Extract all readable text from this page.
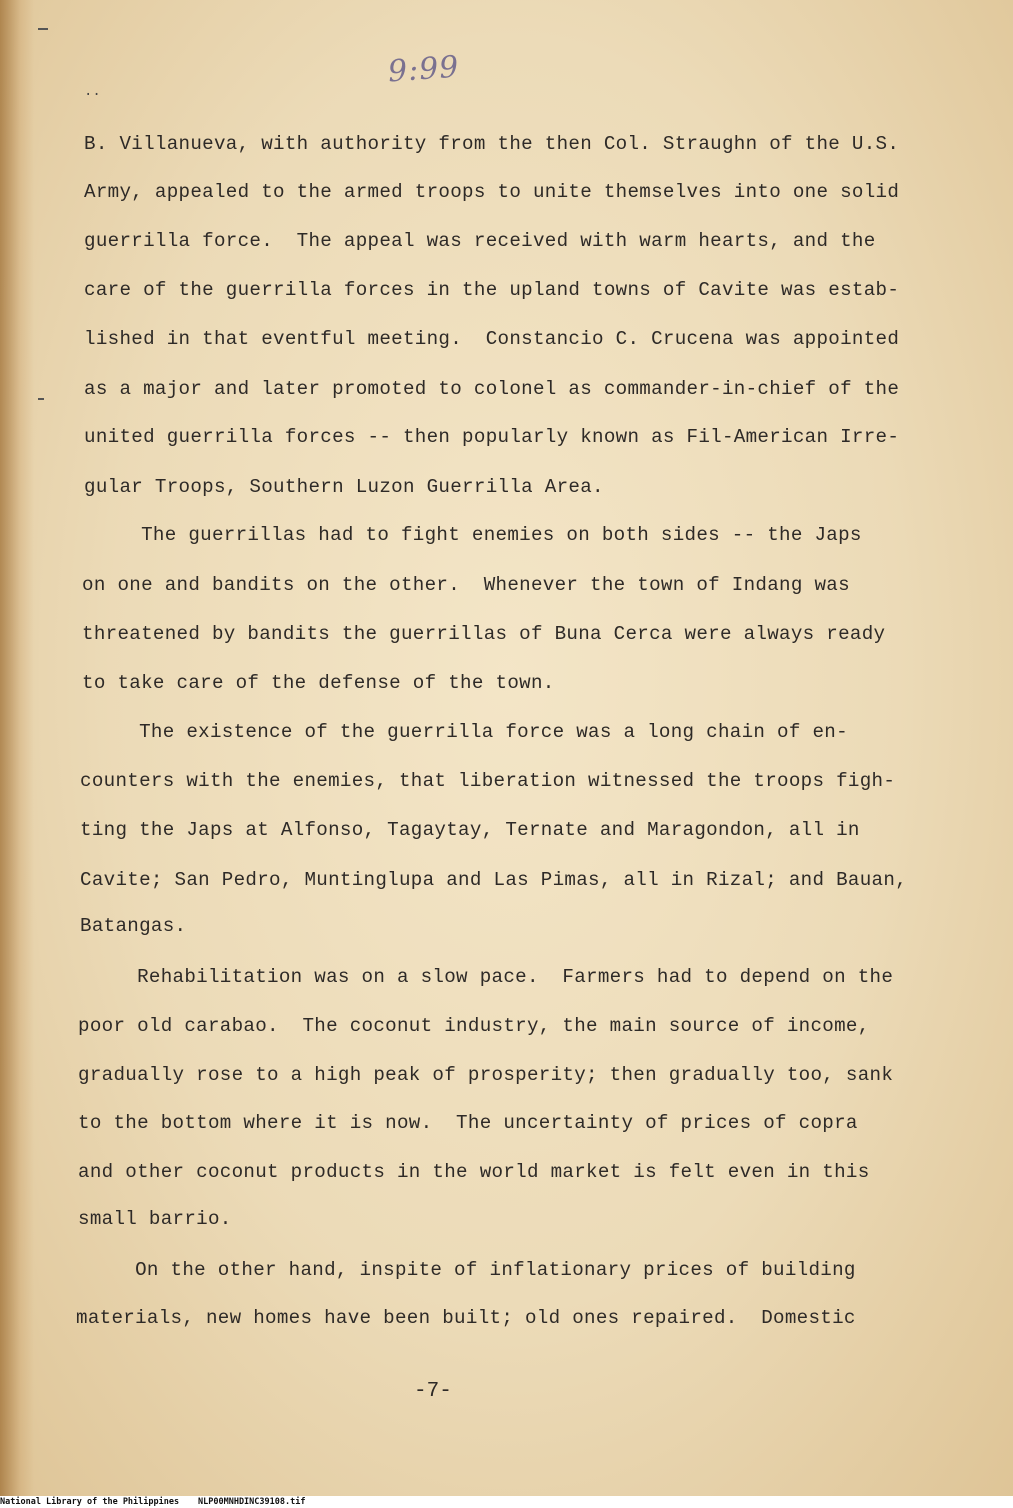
9:99
..
B. Villanueva, with authority from the then Col. Straughn of the U.S.
Army, appealed to the armed troops to unite themselves into one solid
guerrilla force.  The appeal was received with warm hearts, and the
care of the guerrilla forces in the upland towns of Cavite was estab-
lished in that eventful meeting.  Constancio C. Crucena was appointed
as a major and later promoted to colonel as commander-in-chief of the
united guerrilla forces -- then popularly known as Fil-American Irre-
gular Troops, Southern Luzon Guerrilla Area.
The guerrillas had to fight enemies on both sides -- the Japs
on one and bandits on the other.  Whenever the town of Indang was
threatened by bandits the guerrillas of Buna Cerca were always ready
to take care of the defense of the town.
The existence of the guerrilla force was a long chain of en-
counters with the enemies, that liberation witnessed the troops figh-
ting the Japs at Alfonso, Tagaytay, Ternate and Maragondon, all in
Cavite; San Pedro, Muntinglupa and Las Pimas, all in Rizal; and Bauan,
Batangas.
Rehabilitation was on a slow pace.  Farmers had to depend on the
poor old carabao.  The coconut industry, the main source of income,
gradually rose to a high peak of prosperity; then gradually too, sank
to the bottom where it is now.  The uncertainty of prices of copra
and other coconut products in the world market is felt even in this
small barrio.
On the other hand, inspite of inflationary prices of building
materials, new homes have been built; old ones repaired.  Domestic
-7-
National Library of the Philippines NLP00MNHDINC39108.tif
